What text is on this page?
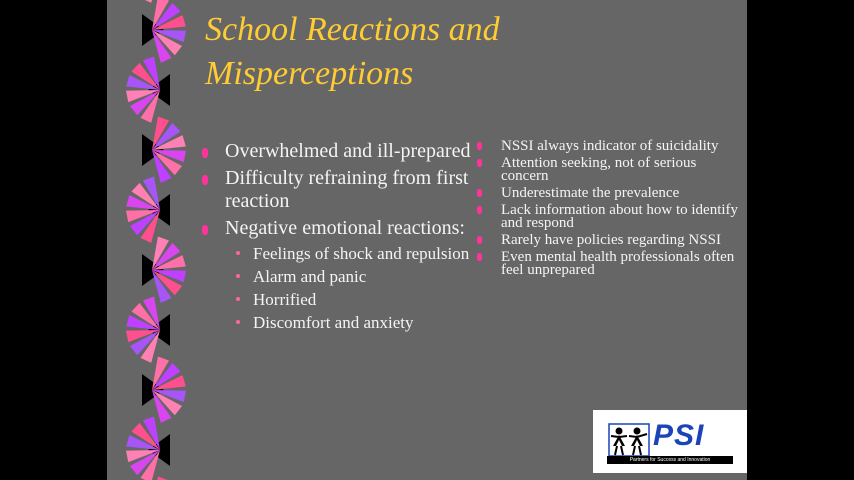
School Reactions and
Misperceptions
Overwhelmed and ill-prepared
Difficulty refraining from first reaction
Negative emotional reactions:
Feelings of shock and repulsion
Alarm and panic
Horrified
Discomfort and anxiety
NSSI always indicator of suicidality
Attention seeking, not of serious concern
Underestimate the prevalence
Lack information about how to identify and respond
Rarely have policies regarding NSSI
Even mental health professionals often feel unprepared
PSI
Partners for Success and Innovation
